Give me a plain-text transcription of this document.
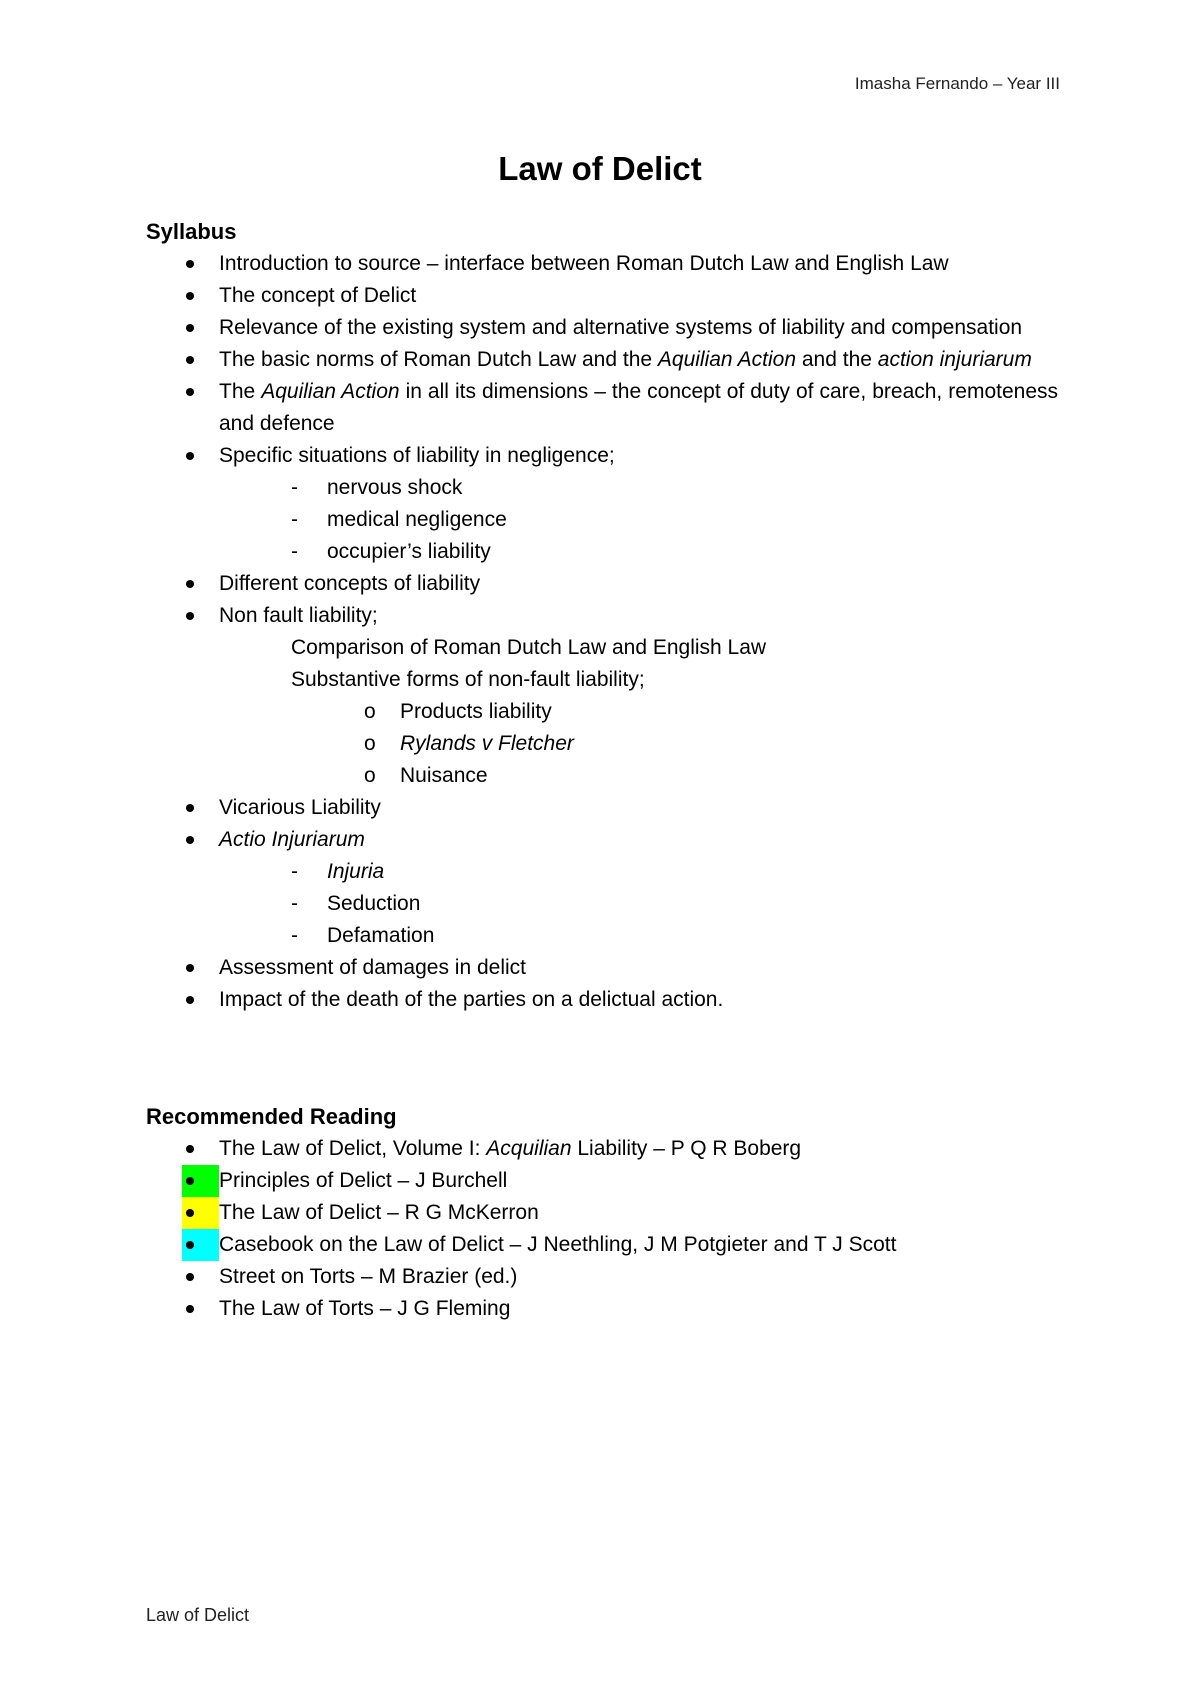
Imasha Fernando – Year III
Law of Delict
Syllabus
Introduction to source – interface between Roman Dutch Law and English Law
The concept of Delict
Relevance of the existing system and alternative systems of liability and compensation
The basic norms of Roman Dutch Law and the Aquilian Action and the action injuriarum
The Aquilian Action in all its dimensions – the concept of duty of care, breach, remoteness and defence
Specific situations of liability in negligence;
- nervous shock
- medical negligence
- occupier’s liability
Different concepts of liability
Non fault liability;
Comparison of Roman Dutch Law and English Law
Substantive forms of non-fault liability;
o Products liability
o Rylands v Fletcher
o Nuisance
Vicarious Liability
Actio Injuriarum
- Injuria
- Seduction
- Defamation
Assessment of damages in delict
Impact of the death of the parties on a delictual action.
Recommended Reading
The Law of Delict, Volume I: Acquilian Liability – P Q R Boberg
Principles of Delict – J Burchell
The Law of Delict – R G McKerron
Casebook on the Law of Delict – J Neethling, J M Potgieter and T J Scott
Street on Torts – M Brazier (ed.)
The Law of Torts – J G Fleming
Law of Delict
